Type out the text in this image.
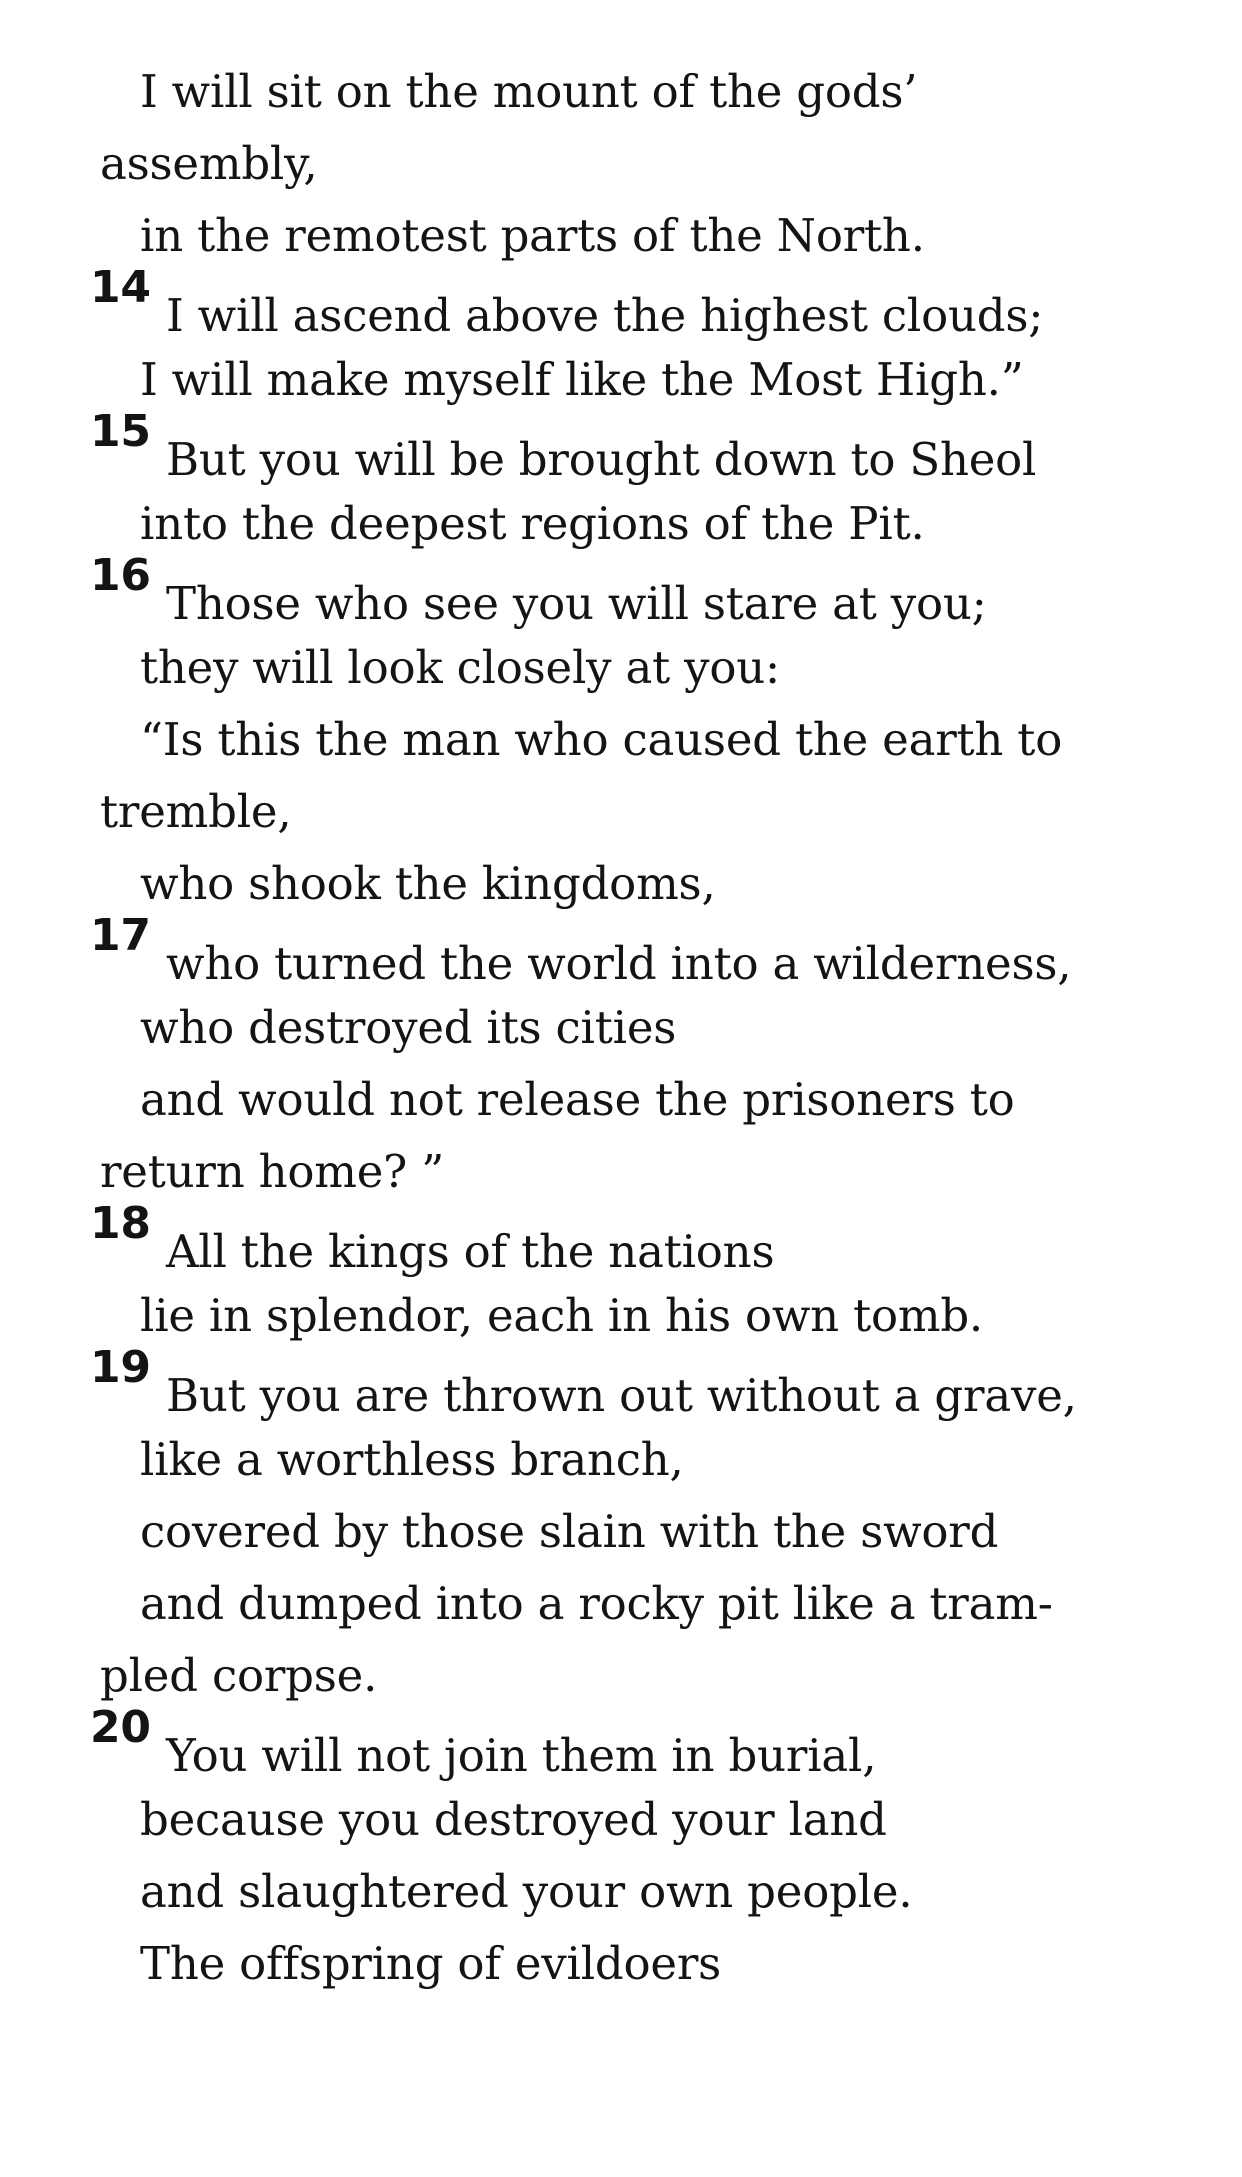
I will sit on the mount of the gods’
assembly,
in the remotest parts of the North.
14
I will ascend above the highest clouds;
I will make myself like the Most High.”
15
But you will be brought down to Sheol
into the deepest regions of the Pit.
16
Those who see you will stare at you;
they will look closely at you:
“Is this the man who caused the earth to
tremble,
who shook the kingdoms,
17
who turned the world into a wilderness,
who destroyed its cities
and would not release the prisoners to
return home? ”
18
All the kings of the nations
lie in splendor, each in his own tomb.
19
But you are thrown out without a grave,
like a worthless branch,
covered by those slain with the sword
and dumped into a rocky pit like a tram-
pled corpse.
20
You will not join them in burial,
because you destroyed your land
and slaughtered your own people.
The offspring of evildoers
